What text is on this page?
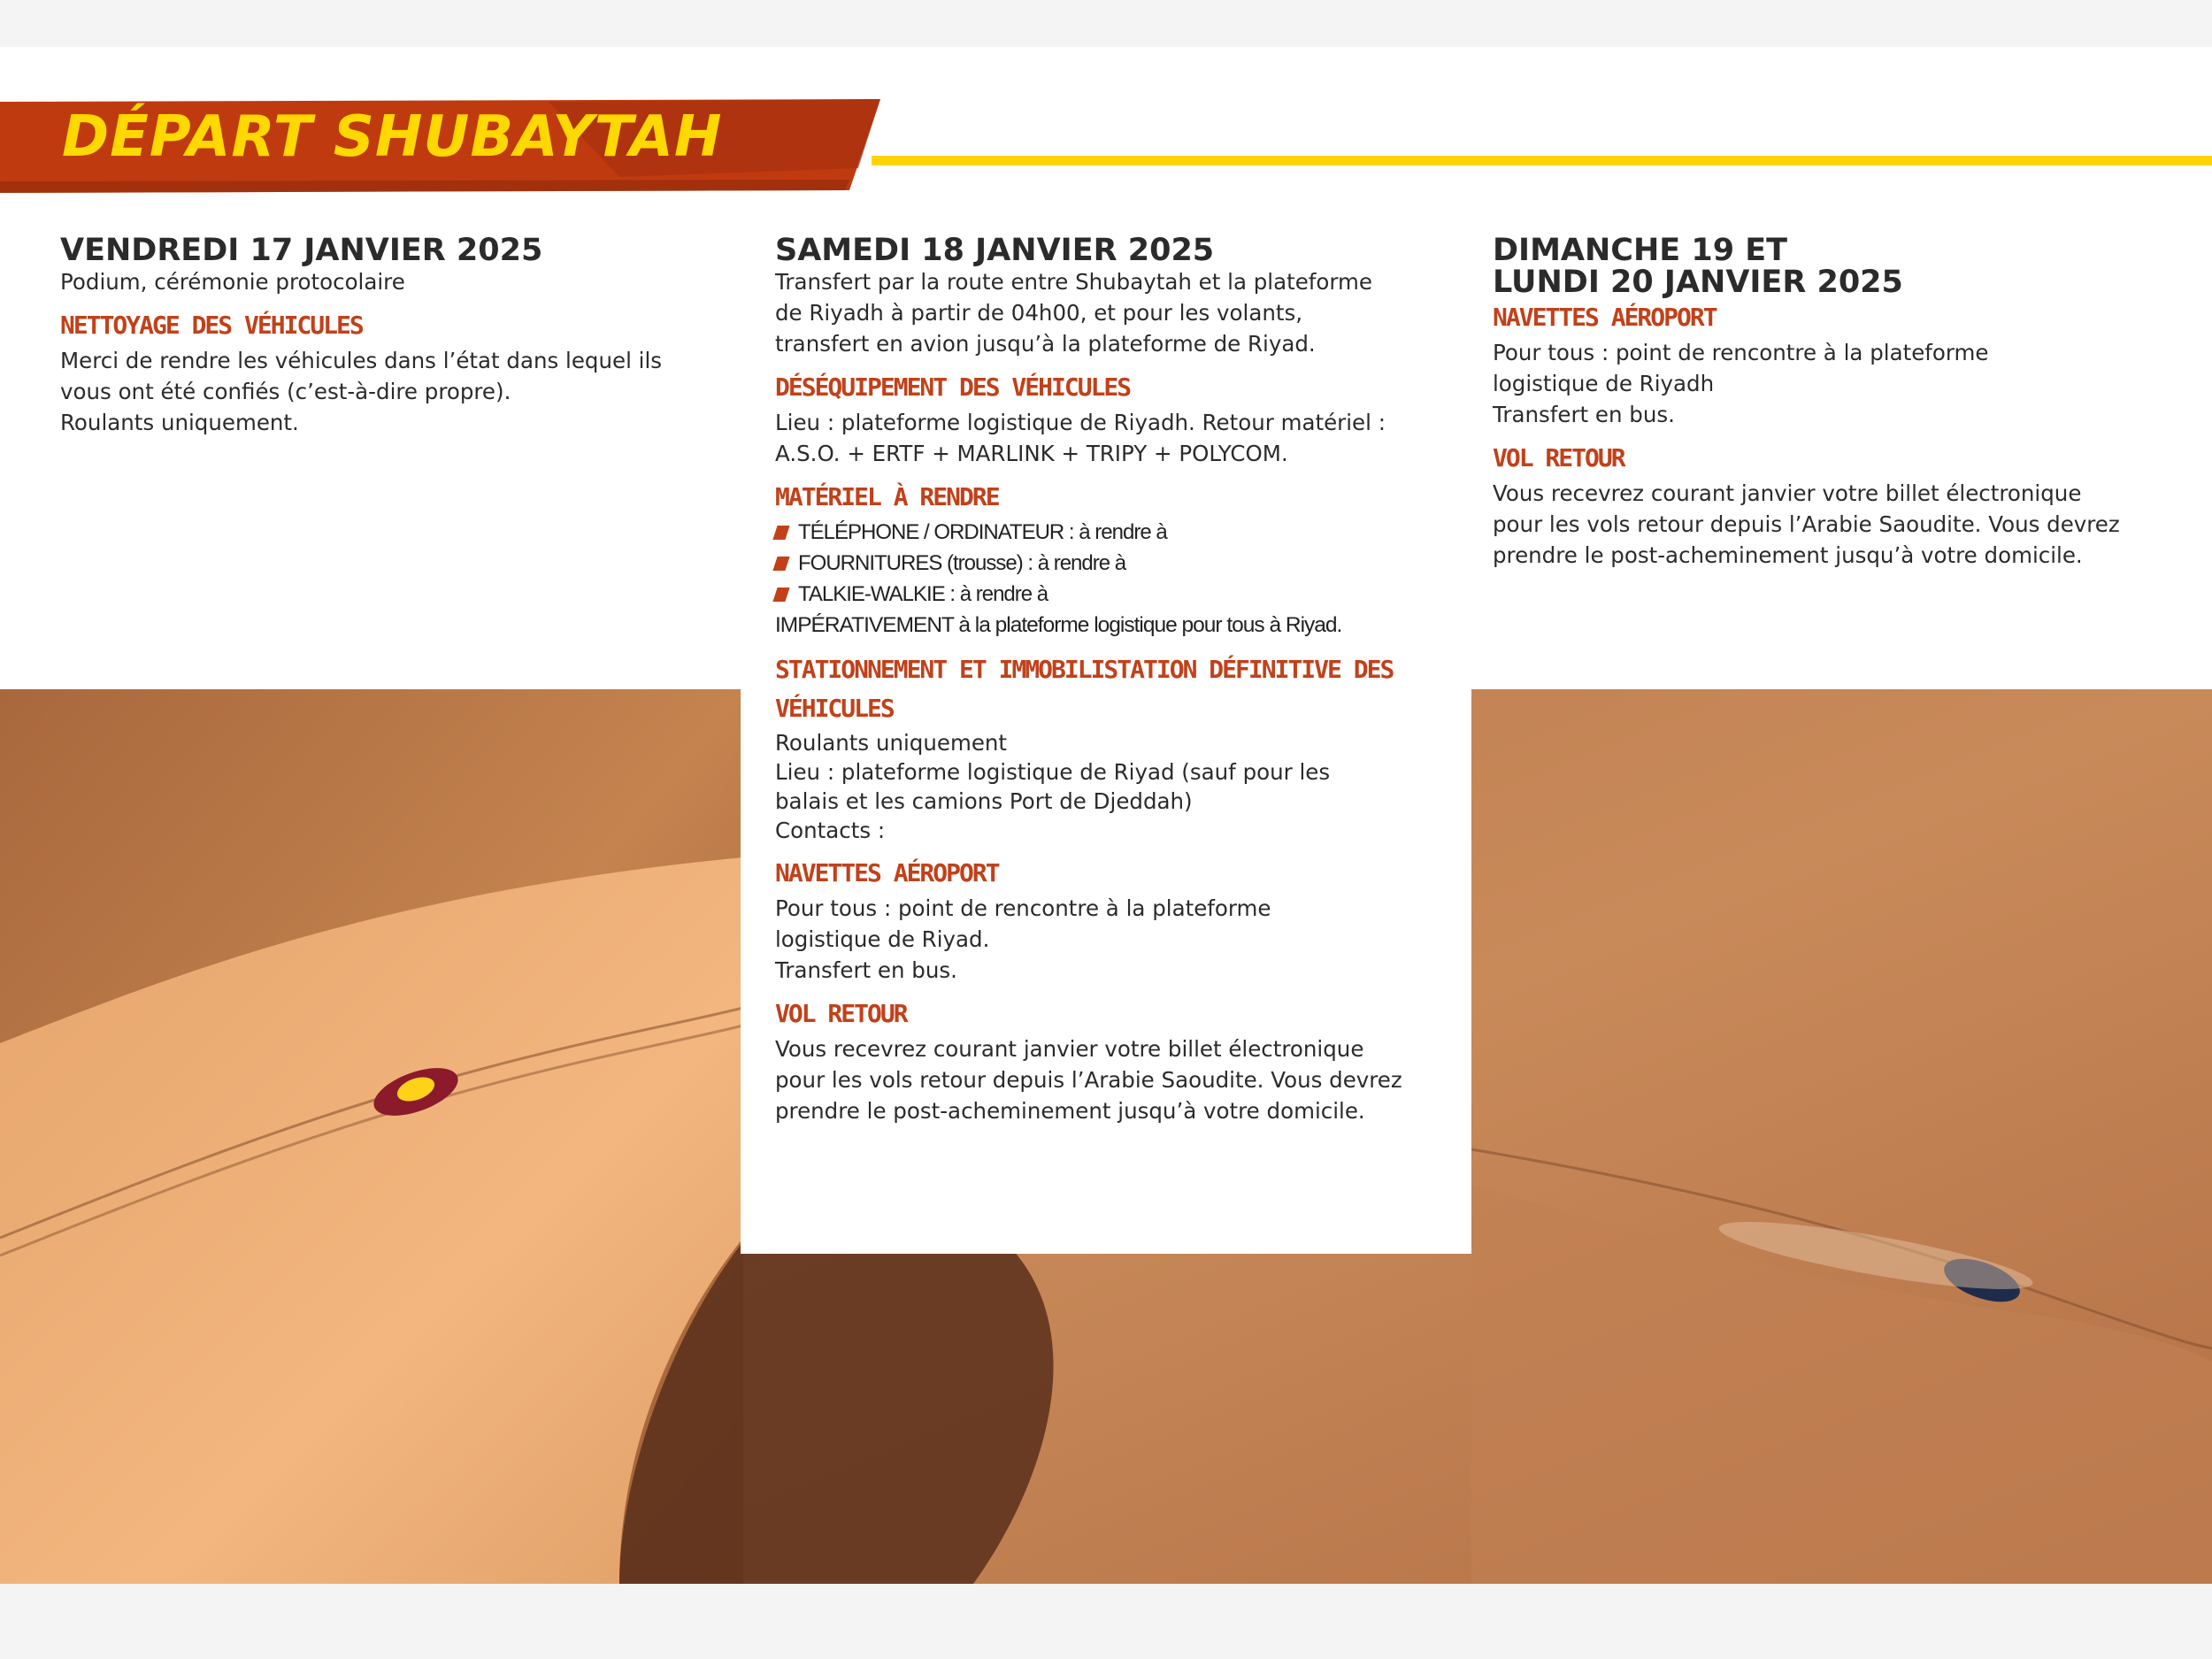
DÉPART SHUBAYTAH

VENDREDI 17 JANVIER 2025

Podium, cérémonie protocolaire

NETTOYAGE DES VÉHICULES

Merci de rendre les véhicules dans l’état dans lequel ils

vous ont été confiés (c’est-à-dire propre).

Roulants uniquement.

SAMEDI 18 JANVIER 2025

Transfert par la route entre Shubaytah et la plateforme

de Riyadh à partir de 04h00, et pour les volants,

transfert en avion jusqu’à la plateforme de Riyad.

DÉSÉQUIPEMENT DES VÉHICULES

Lieu : plateforme logistique de Riyadh. Retour matériel :

A.S.O. + ERTF + MARLINK + TRIPY + POLYCOM.

MATÉRIEL À RENDRE

TÉLÉPHONE / ORDINATEUR : à rendre à
FOURNITURES (trousse) : à rendre à
TALKIE-WALKIE : à rendre à

IMPÉRATIVEMENT à la plateforme logistique pour tous à Riyad.

STATIONNEMENT ET IMMOBILISTATION DÉFINITIVE DES

VÉHICULES

Roulants uniquement

Lieu : plateforme logistique de Riyad (sauf pour les

balais et les camions Port de Djeddah)

Contacts :

NAVETTES AÉROPORT

Pour tous : point de rencontre à la plateforme

logistique de Riyad.

Transfert en bus.

VOL RETOUR

Vous recevrez courant janvier votre billet électronique

pour les vols retour depuis l’Arabie Saoudite. Vous devrez

prendre le post-acheminement jusqu’à votre domicile.

DIMANCHE 19 ET

LUNDI 20 JANVIER 2025

NAVETTES AÉROPORT

Pour tous : point de rencontre à la plateforme

logistique de Riyadh

Transfert en bus.

VOL RETOUR

Vous recevrez courant janvier votre billet électronique

pour les vols retour depuis l’Arabie Saoudite. Vous devrez

prendre le post-acheminement jusqu’à votre domicile.
